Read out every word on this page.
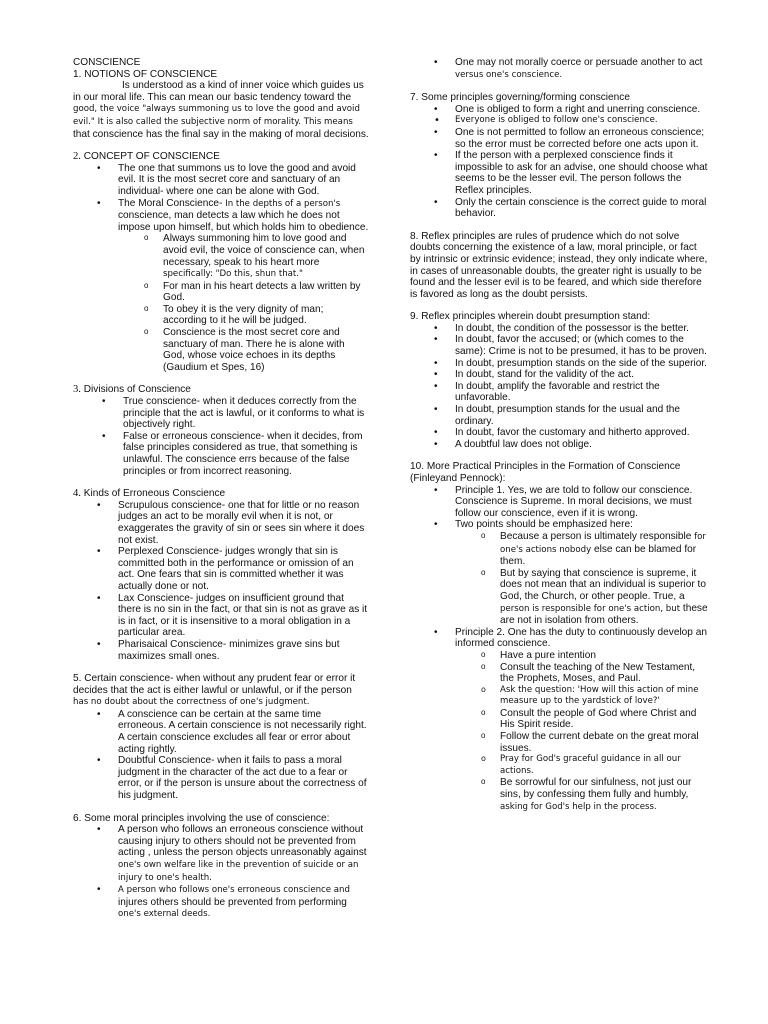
CONSCIENCE

1. NOTIONS OF CONSCIENCE

Is understood as a kind of inner voice which guides us in our moral life. This can mean our basic tendency toward the good, the voice "always summoning us to love the good and avoid evil." It is also called the subjective norm of morality. This means that conscience has the final say in the making of moral decisions.

2. CONCEPT OF CONSCIENCE

• The one that summons us to love the good and avoid evil. It is the most secret core and sanctuary of an individual- where one can be alone with God.
• The Moral Conscience- In the depths of a person's conscience, man detects a law which he does not impose upon himself, but which holds him to obedience.
o Always summoning him to love good and avoid evil, the voice of conscience can, when necessary, speak to his heart more specifically: "Do this, shun that."
o For man in his heart detects a law written by God.
o To obey it is the very dignity of man; according to it he will be judged.
o Conscience is the most secret core and sanctuary of man. There he is alone with God, whose voice echoes in its depths (Gaudium et Spes, 16)

3. Divisions of Conscience

• True conscience- when it deduces correctly from the principle that the act is lawful, or it conforms to what is objectively right.
• False or erroneous conscience- when it decides, from false principles considered as true, that something is unlawful. The conscience errs because of the false principles or from incorrect reasoning.

4. Kinds of Erroneous Conscience

• Scrupulous conscience- one that for little or no reason judges an act to be morally evil when it is not, or exaggerates the gravity of sin or sees sin where it does not exist.
• Perplexed Conscience- judges wrongly that sin is committed both in the performance or omission of an act. One fears that sin is committed whether it was actually done or not.
• Lax Conscience- judges on insufficient ground that there is no sin in the fact, or that sin is not as grave as it is in fact, or it is insensitive to a moral obligation in a particular area.
• Pharisaical Conscience- minimizes grave sins but maximizes small ones.

5. Certain conscience- when without any prudent fear or error it decides that the act is either lawful or unlawful, or if the person has no doubt about the correctness of one's judgment.

• A conscience can be certain at the same time erroneous. A certain conscience is not necessarily right. A certain conscience excludes all fear or error about acting rightly.
• Doubtful Conscience- when it fails to pass a moral judgment in the character of the act due to a fear or error, or if the person is unsure about the correctness of his judgment.

6. Some moral principles involving the use of conscience:

• A person who follows an erroneous conscience without causing injury to others should not be prevented from acting , unless the person objects unreasonably against one's own welfare like in the prevention of suicide or an injury to one's health.
• A person who follows one's erroneous conscience and injures others should be prevented from performing one's external deeds.
• One may not morally coerce or persuade another to act versus one's conscience.

7. Some principles governing/forming conscience

• One is obliged to form a right and unerring conscience.
• Everyone is obliged to follow one's conscience.
• One is not permitted to follow an erroneous conscience; so the error must be corrected before one acts upon it.
• If the person with a perplexed conscience finds it impossible to ask for an advise, one should choose what seems to be the lesser evil. The person follows the Reflex principles.
• Only the certain conscience is the correct guide to moral behavior.

8. Reflex principles are rules of prudence which do not solve doubts concerning the existence of a law, moral principle, or fact by intrinsic or extrinsic evidence; instead, they only indicate where, in cases of unreasonable doubts, the greater right is usually to be found and the lesser evil is to be feared, and which side therefore is favored as long as the doubt persists.

9. Reflex principles wherein doubt presumption stand:

• In doubt, the condition of the possessor is the better.
• In doubt, favor the accused; or (which comes to the same): Crime is not to be presumed, it has to be proven.
• In doubt, presumption stands on the side of the superior.
• In doubt, stand for the validity of the act.
• In doubt, amplify the favorable and restrict the unfavorable.
• In doubt, presumption stands for the usual and the ordinary.
• In doubt, favor the customary and hitherto approved.
• A doubtful law does not oblige.

10. More Practical Principles in the Formation of Conscience (Finleyand Pennock):

• Principle 1. Yes, we are told to follow our conscience. Conscience is Supreme. In moral decisions, we must follow our conscience, even if it is wrong.
• Two points should be emphasized here:
o Because a person is ultimately responsible for one's actions nobody else can be blamed for them.
o But by saying that conscience is supreme, it does not mean that an individual is superior to God, the Church, or other people. True, a person is responsible for one's action, but these are not in isolation from others.
• Principle 2. One has the duty to continuously develop an informed conscience.
o Have a pure intention
o Consult the teaching of the New Testament, the Prophets, Moses, and Paul.
o Ask the question: 'How will this action of mine measure up to the yardstick of love?'
o Consult the people of God where Christ and His Spirit reside.
o Follow the current debate on the great moral issues.
o Pray for God's graceful guidance in all our actions.
o Be sorrowful for our sinfulness, not just our sins, by confessing them fully and humbly, asking for God's help in the process.
